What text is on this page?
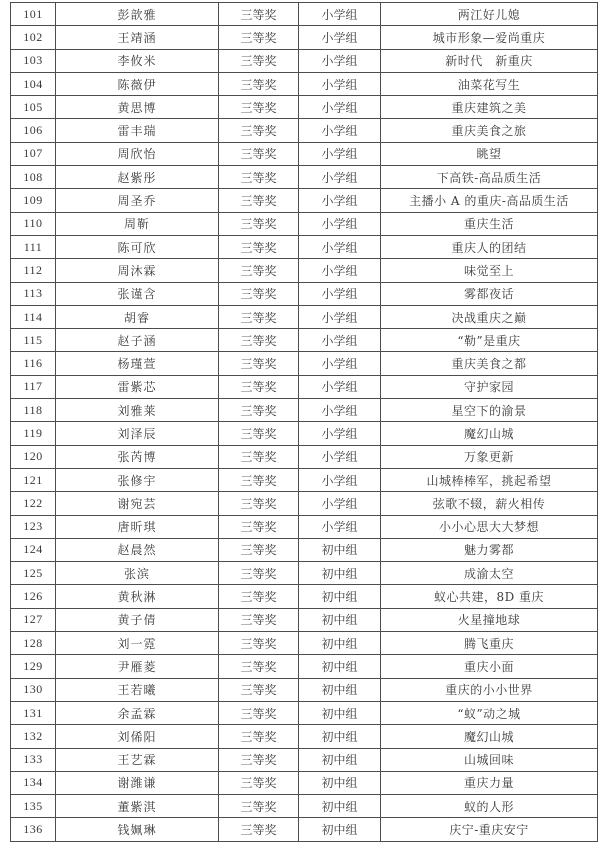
101	彭歆雅	三等奖	小学组	两江好儿媳
102	王靖涵	三等奖	小学组	城市形象—爱尚重庆
103	李攸米	三等奖	小学组	新时代　新重庆
104	陈薇伊	三等奖	小学组	油菜花写生
105	黄思博	三等奖	小学组	重庆建筑之美
106	雷丰瑞	三等奖	小学组	重庆美食之旅
107	周欣怡	三等奖	小学组	眺望
108	赵紫彤	三等奖	小学组	下高铁-高品质生活
109	周圣乔	三等奖	小学组	主播小 A 的重庆-高品质生活
110	周靳	三等奖	小学组	重庆生活
111	陈可欣	三等奖	小学组	重庆人的团结
112	周沐霖	三等奖	小学组	味觉至上
113	张谨含	三等奖	小学组	雾都夜话
114	胡睿	三等奖	小学组	决战重庆之巅
115	赵子涵	三等奖	小学组	“勒”是重庆
116	杨瑾萱	三等奖	小学组	重庆美食之都
117	雷紫芯	三等奖	小学组	守护家园
118	刘雅莱	三等奖	小学组	星空下的渝景
119	刘泽辰	三等奖	小学组	魔幻山城
120	张芮博	三等奖	小学组	万象更新
121	张修宇	三等奖	小学组	山城棒棒军，挑起希望
122	谢宛芸	三等奖	小学组	弦歌不辍，薪火相传
123	唐昕琪	三等奖	小学组	小小心思大大梦想
124	赵晨然	三等奖	初中组	魅力雾都
125	张滨	三等奖	初中组	成渝太空
126	黄秋淋	三等奖	初中组	蚁心共建，8D 重庆
127	黄子倩	三等奖	初中组	火星撞地球
128	刘一霓	三等奖	初中组	腾飞重庆
129	尹雁菱	三等奖	初中组	重庆小面
130	王若曦	三等奖	初中组	重庆的小小世界
131	余孟霖	三等奖	初中组	“蚁”动之城
132	刘俙阳	三等奖	初中组	魔幻山城
133	王艺霖	三等奖	初中组	山城回味
134	谢潍谦	三等奖	初中组	重庆力量
135	董紫淇	三等奖	初中组	蚁的人形
136	钱姵琳	三等奖	初中组	庆宁-重庆安宁
